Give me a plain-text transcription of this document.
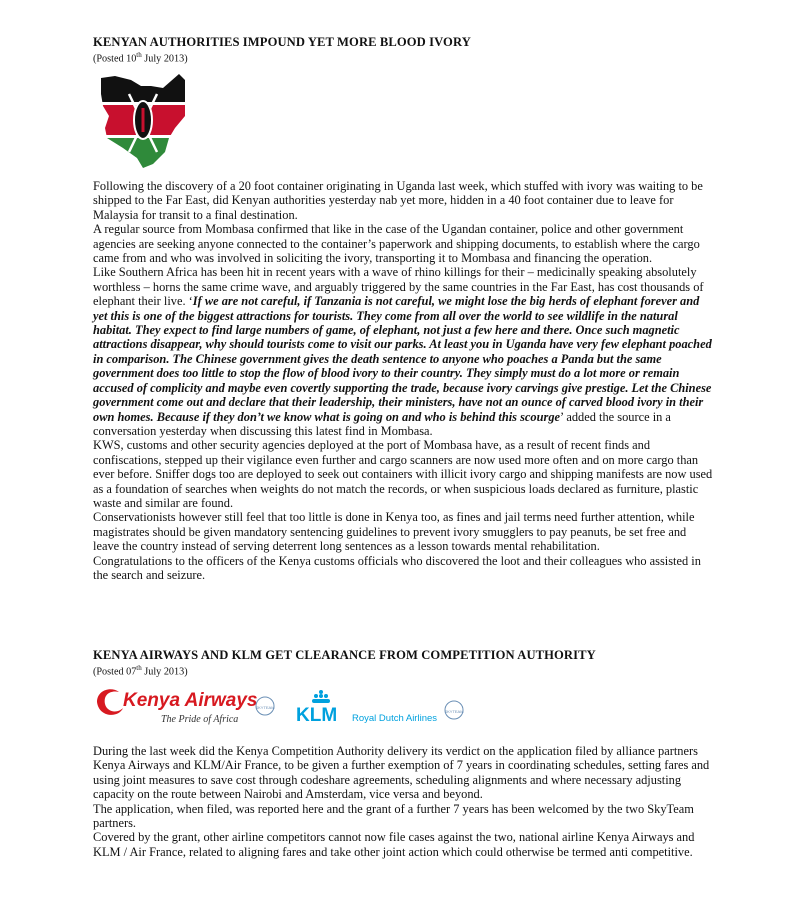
KENYAN AUTHORITIES IMPOUND YET MORE BLOOD IVORY
(Posted 10th July 2013)

Following the discovery of a 20 foot container originating in Uganda last week, which stuffed with ivory was waiting to be shipped to the Far East, did Kenyan authorities yesterday nab yet more, hidden in a 40 foot container due to leave for Malaysia for transit to a final destination.

A regular source from Mombasa confirmed that like in the case of the Ugandan container, police and other government agencies are seeking anyone connected to the container’s paperwork and shipping documents, to establish where the cargo came from and who was involved in soliciting the ivory, transporting it to Mombasa and financing the operation.

Like Southern Africa has been hit in recent years with a wave of rhino killings for their – medicinally speaking absolutely worthless – horns the same crime wave, and arguably triggered by the same countries in the Far East, has cost thousands of elephant their live. ‘If we are not careful, if Tanzania is not careful, we might lose the big herds of elephant forever and yet this is one of the biggest attractions for tourists. They come from all over the world to see wildlife in the natural habitat. They expect to find large numbers of game, of elephant, not just a few here and there. Once such magnetic attractions disappear, why should tourists come to visit our parks. At least you in Uganda have very few elephant poached in comparison. The Chinese government gives the death sentence to anyone who poaches a Panda but the same government does too little to stop the flow of blood ivory to their country. They simply must do a lot more or remain accused of complicity and maybe even covertly supporting the trade, because ivory carvings give prestige. Let the Chinese government come out and declare that their leadership, their ministers, have not an ounce of carved blood ivory in their own homes. Because if they don’t we know what is going on and who is behind this scourge’ added the source in a conversation yesterday when discussing this latest find in Mombasa.

KWS, customs and other security agencies deployed at the port of Mombasa have, as a result of recent finds and confiscations, stepped up their vigilance even further and cargo scanners are now used more often and on more cargo than ever before. Sniffer dogs too are deployed to seek out containers with illicit ivory cargo and shipping manifests are now used as a foundation of searches when weights do not match the records, or when suspicious loads declared as furniture, plastic waste and similar are found.

Conservationists however still feel that too little is done in Kenya too, as fines and jail terms need further attention, while magistrates should be given mandatory sentencing guidelines to prevent ivory smugglers to pay peanuts, be set free and leave the country instead of serving deterrent long sentences as a lesson towards mental rehabilitation.

Congratulations to the officers of the Kenya customs officials who discovered the loot and their colleagues who assisted in the search and seizure.

KENYA AIRWAYS AND KLM GET CLEARANCE FROM COMPETITION AUTHORITY
(Posted 07th July 2013)
Kenya Airways
The Pride of Africa
SKYTEAM KLM Royal Dutch Airlines
SKYTEAM

During the last week did the Kenya Competition Authority delivery its verdict on the application filed by alliance partners Kenya Airways and KLM/Air France, to be given a further exemption of 7 years in coordinating schedules, setting fares and using joint measures to save cost through codeshare agreements, scheduling alignments and where necessary adjusting capacity on the route between Nairobi and Amsterdam, vice versa and beyond.

The application, when filed, was reported here and the grant of a further 7 years has been welcomed by the two SkyTeam partners.

Covered by the grant, other airline competitors cannot now file cases against the two, national airline Kenya Airways and KLM / Air France, related to aligning fares and take other joint action which could otherwise be termed anti competitive.
